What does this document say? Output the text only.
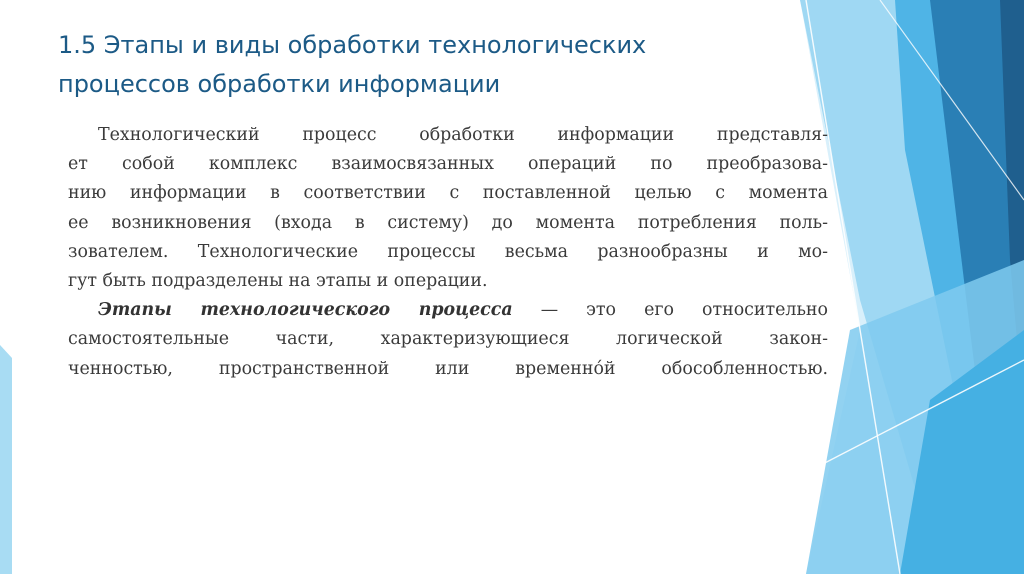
1.5 Этапы и виды обработки технологических
процессов обработки информации
Технологический процесс обработки информации представля-
ет собой комплекс взаимосвязанных операций по преобразова-
нию информации в соответствии с поставленной целью с момента
ее возникновения (входа в систему) до момента потребления поль-
зователем. Технологические процессы весьма разнообразны и мо-
гут быть подразделены на этапы и операции.
Этапы технологического процесса — это его относительно
самостоятельные части, характеризующиеся логической закон-
ченностью, пространственной или временно́й обособленностью.
